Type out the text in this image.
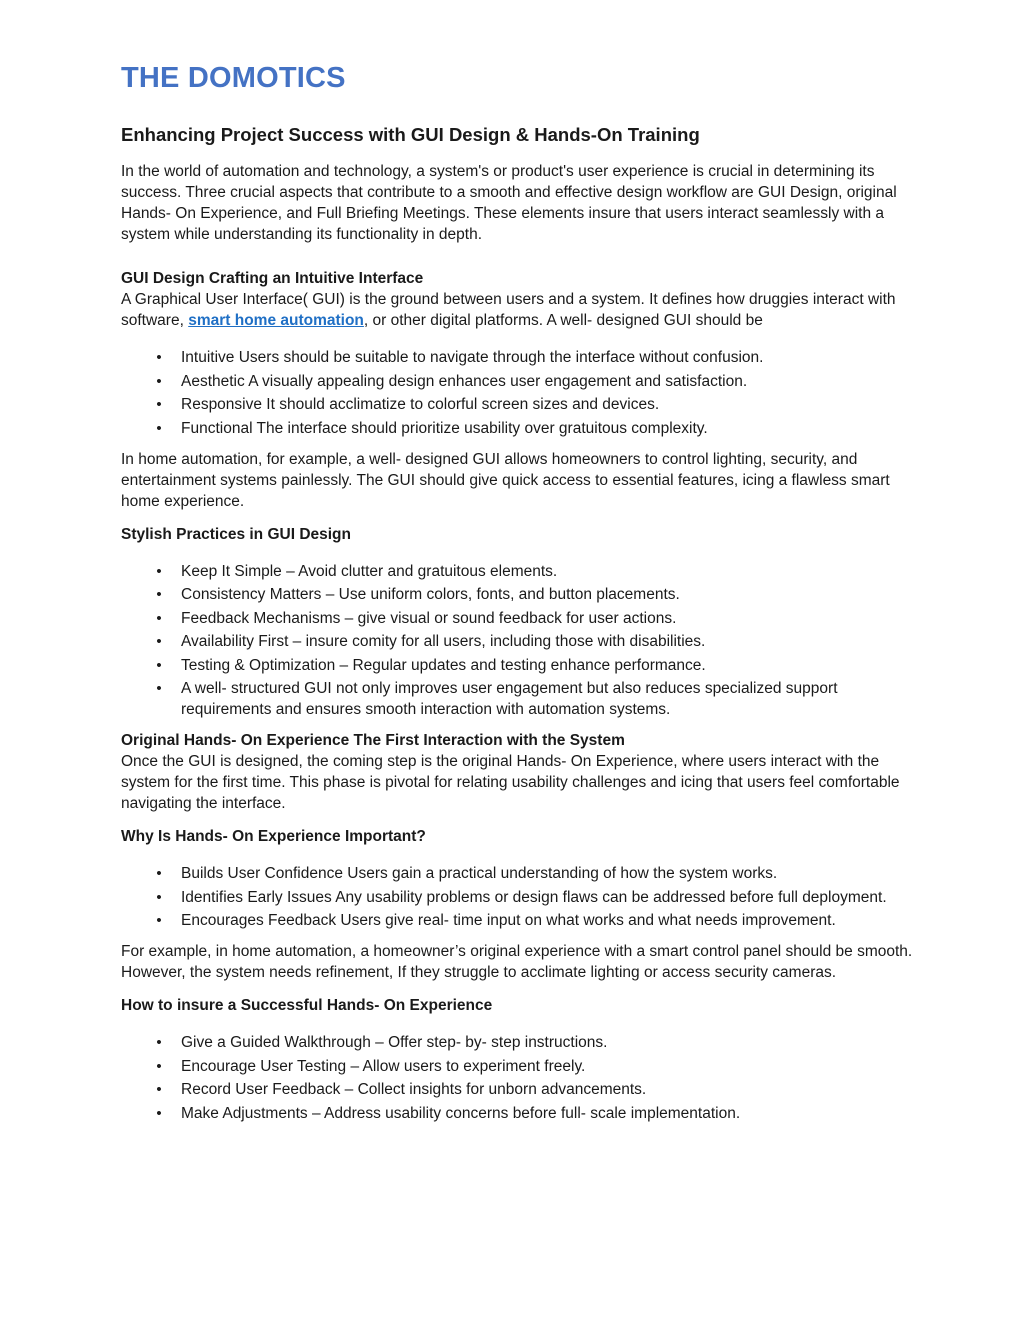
THE DOMOTICS
Enhancing Project Success with GUI Design & Hands-On Training

In the world of automation and technology, a system's or product's user experience is crucial in determining its success. Three crucial aspects that contribute to a smooth and effective design workflow are GUI Design, original Hands- On Experience, and Full Briefing Meetings. These elements insure that users interact seamlessly with a system while understanding its functionality in depth.

GUI Design Crafting an Intuitive Interface

A Graphical User Interface( GUI) is the ground between users and a system. It defines how druggies interact with software, smart home automation, or other digital platforms. A well- designed GUI should be

• Intuitive Users should be suitable to navigate through the interface without confusion.
• Aesthetic A visually appealing design enhances user engagement and satisfaction.
• Responsive It should acclimatize to colorful screen sizes and devices.
• Functional The interface should prioritize usability over gratuitous complexity.

In home automation, for example, a well- designed GUI allows homeowners to control lighting, security, and entertainment systems painlessly. The GUI should give quick access to essential features, icing a flawless smart home experience.

Stylish Practices in GUI Design

• Keep It Simple – Avoid clutter and gratuitous elements.
• Consistency Matters – Use uniform colors, fonts, and button placements.
• Feedback Mechanisms – give visual or sound feedback for user actions.
• Availability First – insure comity for all users, including those with disabilities.
• Testing & Optimization – Regular updates and testing enhance performance.
• A well- structured GUI not only improves user engagement but also reduces specialized support requirements and ensures smooth interaction with automation systems.

Original Hands- On Experience The First Interaction with the System

Once the GUI is designed, the coming step is the original Hands- On Experience, where users interact with the system for the first time. This phase is pivotal for relating usability challenges and icing that users feel comfortable navigating the interface.

Why Is Hands- On Experience Important?

• Builds User Confidence Users gain a practical understanding of how the system works.
• Identifies Early Issues Any usability problems or design flaws can be addressed before full deployment.
• Encourages Feedback Users give real- time input on what works and what needs improvement.

For example, in home automation, a homeowner’s original experience with a smart control panel should be smooth. However, the system needs refinement, If they struggle to acclimate lighting or access security cameras.

How to insure a Successful Hands- On Experience

• Give a Guided Walkthrough – Offer step- by- step instructions.
• Encourage User Testing – Allow users to experiment freely.
• Record User Feedback – Collect insights for unborn advancements.
• Make Adjustments – Address usability concerns before full- scale implementation.
